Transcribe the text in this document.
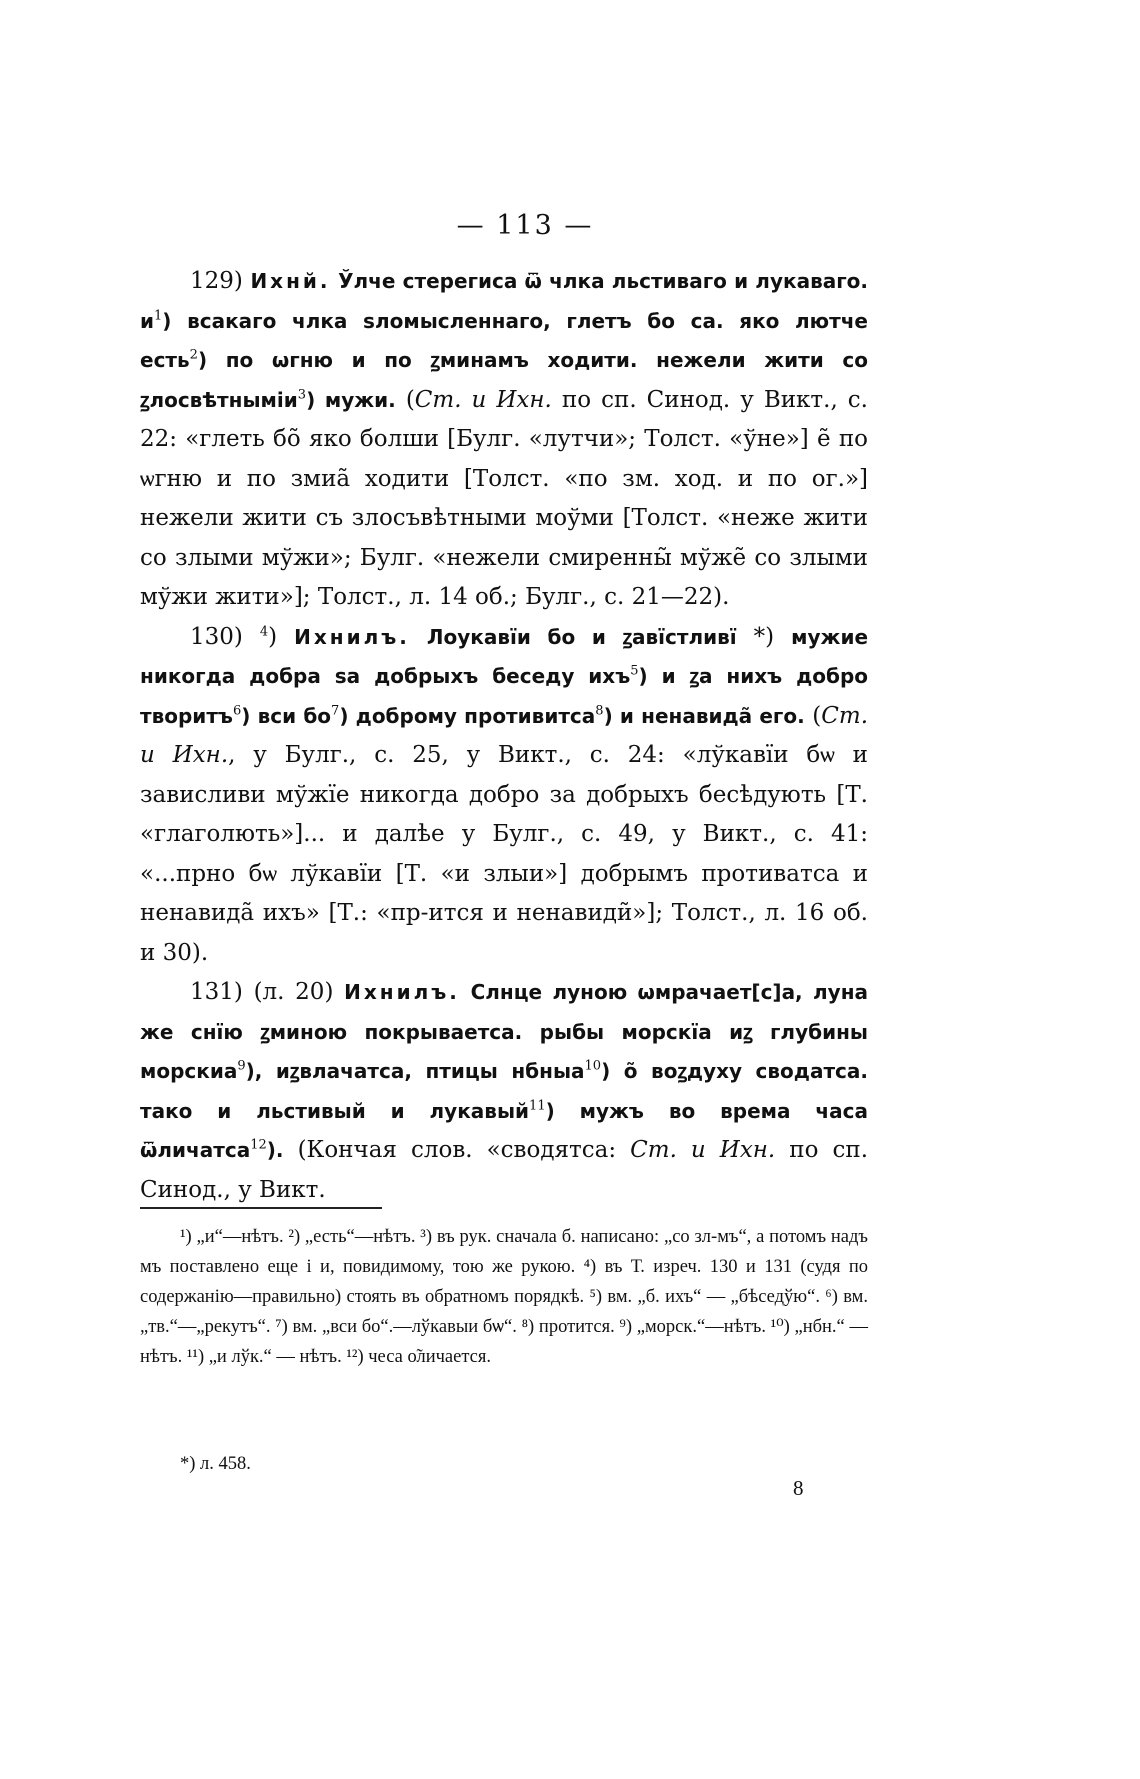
— 113 —

129) Ихнй. Ўлче стерегиса ѿ члка льстиваго и лукаваго. $и^1$) всакаго члка sломысленнаго, глетъ бо са. яко лютче есть$^2$) по ѡгню и по ꙁминамъ ходити. нежели жити со ꙁлосвѣтныміи$^3$) мужи. (Ст. и Ихн. по сп. Синод. у Викт., с. 22: «глеть бо̃ яко болши [Булг. «лутчи»; Толст. «ўне»] е̃ по ѡгню и по змиа̃ ходити [Толст. «по зм. ход. и по ог.»] нежели жити съ злосъвѣтными моўми [Толст. «неже жити со злыми мўжи»; Булг. «нежели смиренны̃ мўже̃ со злыми мўжи жити»]; Толст., л. 14 об.; Булг., с. 21—22).

130) $^4$) Ихнилъ. Лоукавїи бо и ꙁавїстливї *) мужие никогда добра sа добрыхъ беседу ихъ$^5$) и ꙁа нихъ добро творитъ$^6$) вси $бо^7$) доброму противитса$^8$) и ненавида̃ его. (Ст. и Ихн., у Булг., с. 25, у Викт., с. 24: «лўкавїи бѡ и зависливи мўжїе никогда добро за добрыхъ бесѣдують [Т. «глаголють»]... и далѣе у Булг., с. 49, у Викт., с. 41: «...прно бѡ лўкавїи [Т. «и злыи»] добрымъ противатса и ненавида̃ ихъ» [Т.: «пр-ится и ненавиди̃»]; Толст., л. 16 об. и 30).

131) (л. 20) Ихнилъ. Слнце луною ѡмрачает[с]а, луна же снїю ꙁминою покрываетса. рыбы морскїа иꙁ глубины морскиа$^9$), иꙁвлачатса, птицы нбныа$^{10}$) о̃ воꙁдуху сводатса. тако и льстивый и лукавый$^{11}$) мужъ во врема часа ѿличатса$^{12}$). (Кончая слов. «сводятса: Ст. и Ихн. по сп. Синод., у Викт.

¹) „и“—нѣтъ. ²) „есть“—нѣтъ. ³) въ рук. сначала б. написано: „со зл-мъ“, а потомъ надъ мъ поставлено еще і и, повидимому, тою же рукою. ⁴) въ Т. изреч. 130 и 131 (судя по содержанію—правильно) стоять въ обратномъ порядкѣ. ⁵) вм. „б. ихъ“ — „бѣседўю“. ⁶) вм. „тв.“—„рекутъ“. ⁷) вм. „вси бо“.—лўкавыи бѡ“. ⁸) протится. ⁹) „морск.“—нѣтъ. ¹⁰) „нбн.“ — нѣтъ. ¹¹) „и лўк.“ — нѣтъ. ¹²) чеса о̃личается.

*) л. 458.
8
